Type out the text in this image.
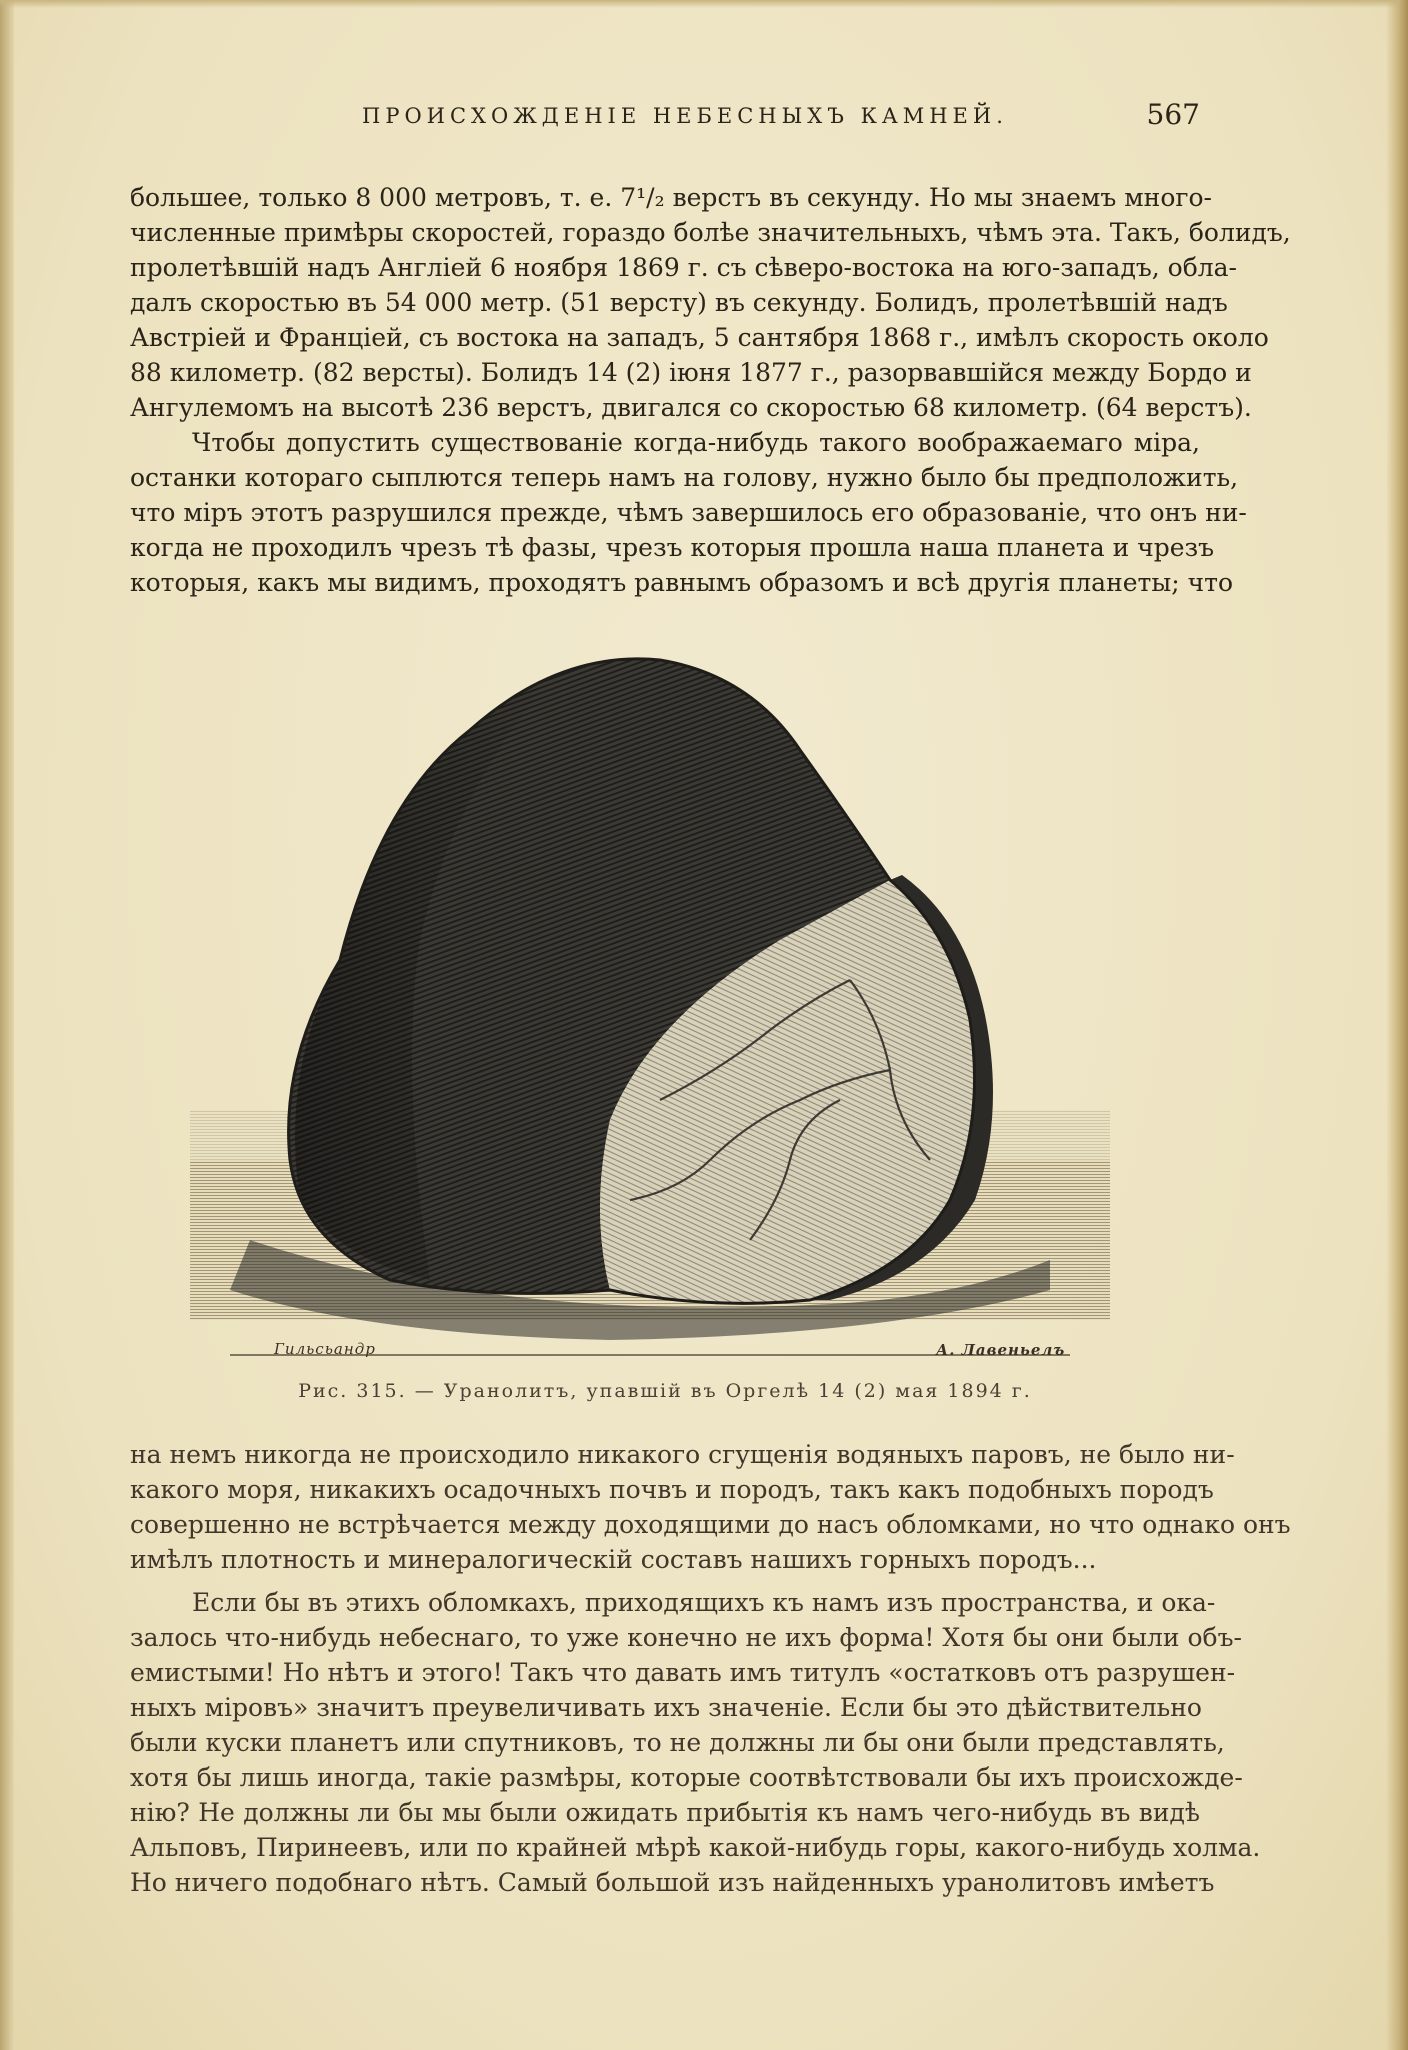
ПРОИСХОЖДЕНІЕ НЕБЕСНЫХЪ КАМНЕЙ.	567
большее, только 8 000 метровъ, т. е. 7¹/₂ верстъ въ секунду. Но мы знаемъ много-
численные примѣры скоростей, гораздо болѣе значительныхъ, чѣмъ эта. Такъ, болидъ,
пролетѣвшій надъ Англіей 6 ноября 1869 г. съ сѣверо-востока на юго-западъ, обла-
далъ скоростью въ 54 000 метр. (51 версту) въ секунду. Болидъ, пролетѣвшій надъ
Австріей и Франціей, съ востока на западъ, 5 сантября 1868 г., имѣлъ скорость около
88 километр. (82 версты). Болидъ 14 (2) іюня 1877 г., разорвавшійся между Бордо и
Ангулемомъ на высотѣ 236 верстъ, двигался со скоростью 68 километр. (64 верстъ).
Чтобы допустить существованіе когда-нибудь такого воображаемаго міра,
останки котораго сыплются теперь намъ на голову, нужно было бы предположить,
что міръ этотъ разрушился прежде, чѣмъ завершилось его образованіе, что онъ ни-
когда не проходилъ чрезъ тѣ фазы, чрезъ которыя прошла наша планета и чрезъ
которыя, какъ мы видимъ, проходятъ равнымъ образомъ и всѣ другія планеты; что
Гильсьандр	А. Лавеньелъ
Рис. 315. — Уранолитъ, упавшій въ Оргелѣ 14 (2) мая 1894 г.
на немъ никогда не происходило никакого сгущенія водяныхъ паровъ, не было ни-
какого моря, никакихъ осадочныхъ почвъ и породъ, такъ какъ подобныхъ породъ
совершенно не встрѣчается между доходящими до насъ обломками, но что однако онъ
имѣлъ плотность и минералогическій составъ нашихъ горныхъ породъ...
Если бы въ этихъ обломкахъ, приходящихъ къ намъ изъ пространства, и ока-
залось что-нибудь небеснаго, то уже конечно не ихъ форма! Хотя бы они были объ-
емистыми! Но нѣтъ и этого! Такъ что давать имъ титулъ «остатковъ отъ разрушен-
ныхъ міровъ» значитъ преувеличивать ихъ значеніе. Если бы это дѣйствительно
были куски планетъ или спутниковъ, то не должны ли бы они были представлять,
хотя бы лишь иногда, такіе размѣры, которые соотвѣтствовали бы ихъ происхожде-
нію? Не должны ли бы мы были ожидать прибытія къ намъ чего-нибудь въ видѣ
Альповъ, Пиринеевъ, или по крайней мѣрѣ какой-нибудь горы, какого-нибудь холма.
Но ничего подобнаго нѣтъ. Самый большой изъ найденныхъ уранолитовъ имѣетъ
